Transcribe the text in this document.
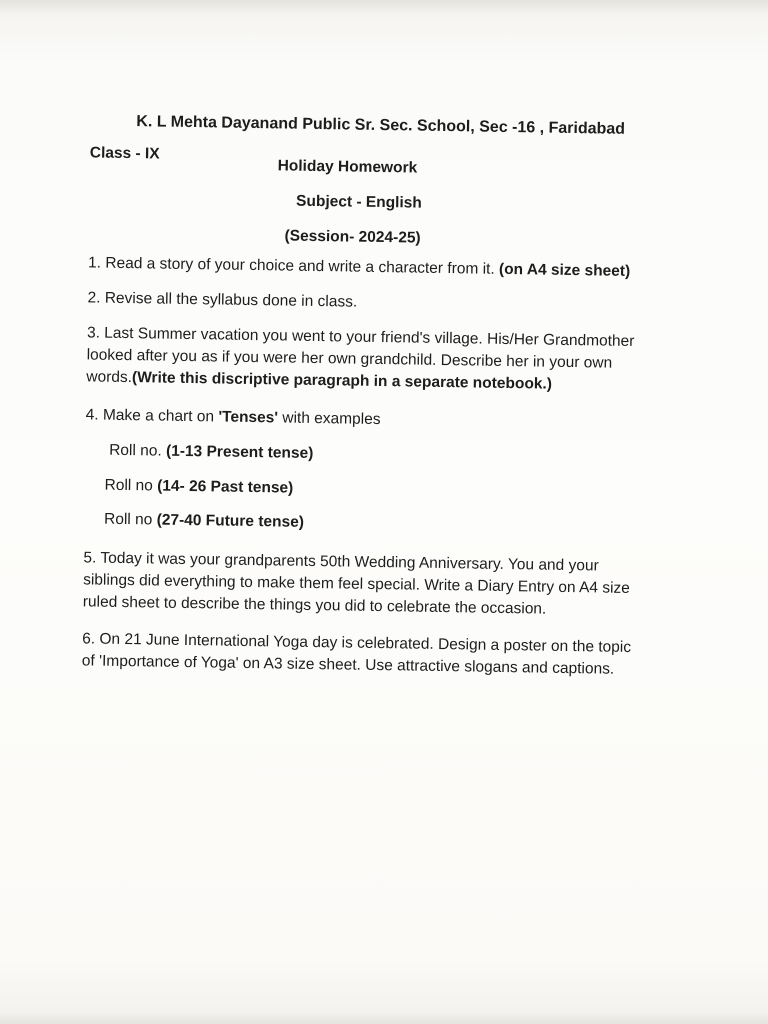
K. L Mehta Dayanand Public Sr. Sec. School, Sec -16 , Faridabad
Class - IX
Holiday Homework
Subject - English
(Session- 2024-25)
1. Read a story of your choice and write a character from it. (on A4 size sheet)
2. Revise all the syllabus done in class.
3. Last Summer vacation you went to your friend's village. His/Her Grandmother
looked after you as if you were her own grandchild. Describe her in your own
words.(Write this discriptive paragraph in a separate notebook.)
4. Make a chart on 'Tenses' with examples
Roll no. (1-13 Present tense)
Roll no (14- 26 Past tense)
Roll no (27-40 Future tense)
5. Today it was your grandparents 50th Wedding Anniversary. You and your
siblings did everything to make them feel special. Write a Diary Entry on A4 size
ruled sheet to describe the things you did to celebrate the occasion.
6. On 21 June International Yoga day is celebrated. Design a poster on the topic
of 'Importance of Yoga' on A3 size sheet. Use attractive slogans and captions.
